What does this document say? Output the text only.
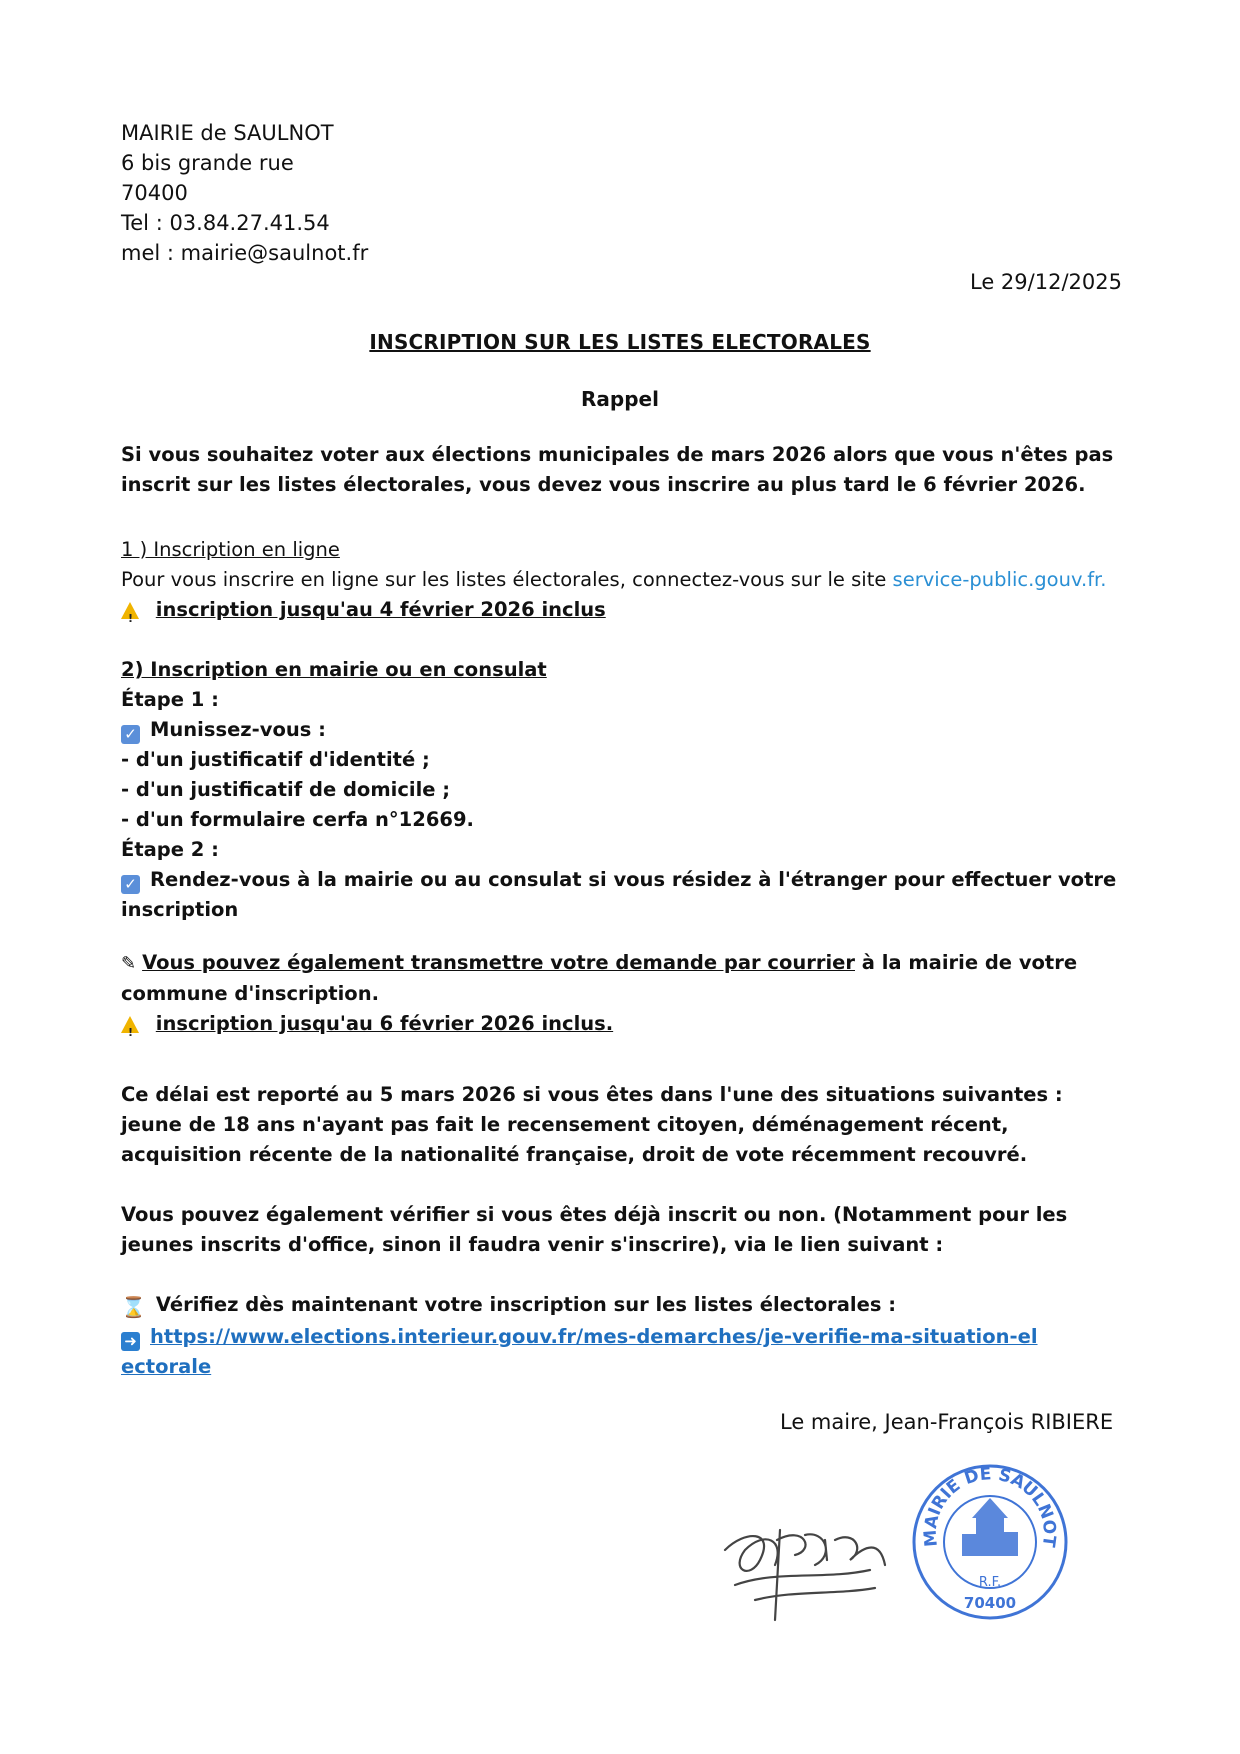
MAIRIE de SAULNOT
6 bis grande rue
70400
Tel : 03.84.27.41.54
mel : mairie@saulnot.fr
Le 29/12/2025
INSCRIPTION SUR LES LISTES ELECTORALES
Rappel
Si vous souhaitez voter aux élections municipales de mars 2026 alors que vous n'êtes pas inscrit sur les listes électorales, vous devez vous inscrire au plus tard le 6 février 2026.
1 ) Inscription en ligne
Pour vous inscrire en ligne sur les listes électorales, connectez-vous sur le site service-public.gouv.fr.
! inscription jusqu'au 4 février 2026 inclus
2) Inscription en mairie ou en consulat
Étape 1 :
✓ Munissez-vous :
- d'un justificatif d'identité ;
- d'un justificatif de domicile ;
- d'un formulaire cerfa n°12669.
Étape 2 :
✓ Rendez-vous à la mairie ou au consulat si vous résidez à l'étranger pour effectuer votre inscription
✎ Vous pouvez également transmettre votre demande par courrier à la mairie de votre commune d'inscription.
! inscription jusqu'au 6 février 2026 inclus.
Ce délai est reporté au 5 mars 2026 si vous êtes dans l'une des situations suivantes : jeune de 18 ans n'ayant pas fait le recensement citoyen, déménagement récent, acquisition récente de la nationalité française, droit de vote récemment recouvré.
Vous pouvez également vérifier si vous êtes déjà inscrit ou non. (Notamment pour les jeunes inscrits d'office, sinon il faudra venir s'inscrire), via le lien suivant :
⌛ Vérifiez dès maintenant votre inscription sur les listes électorales :
➜ https://www.elections.interieur.gouv.fr/mes-demarches/je-verifie-ma-situation-electorale
Le maire, Jean-François RIBIERE
MAIRIE DE SAULNOT
R.F.
70400
